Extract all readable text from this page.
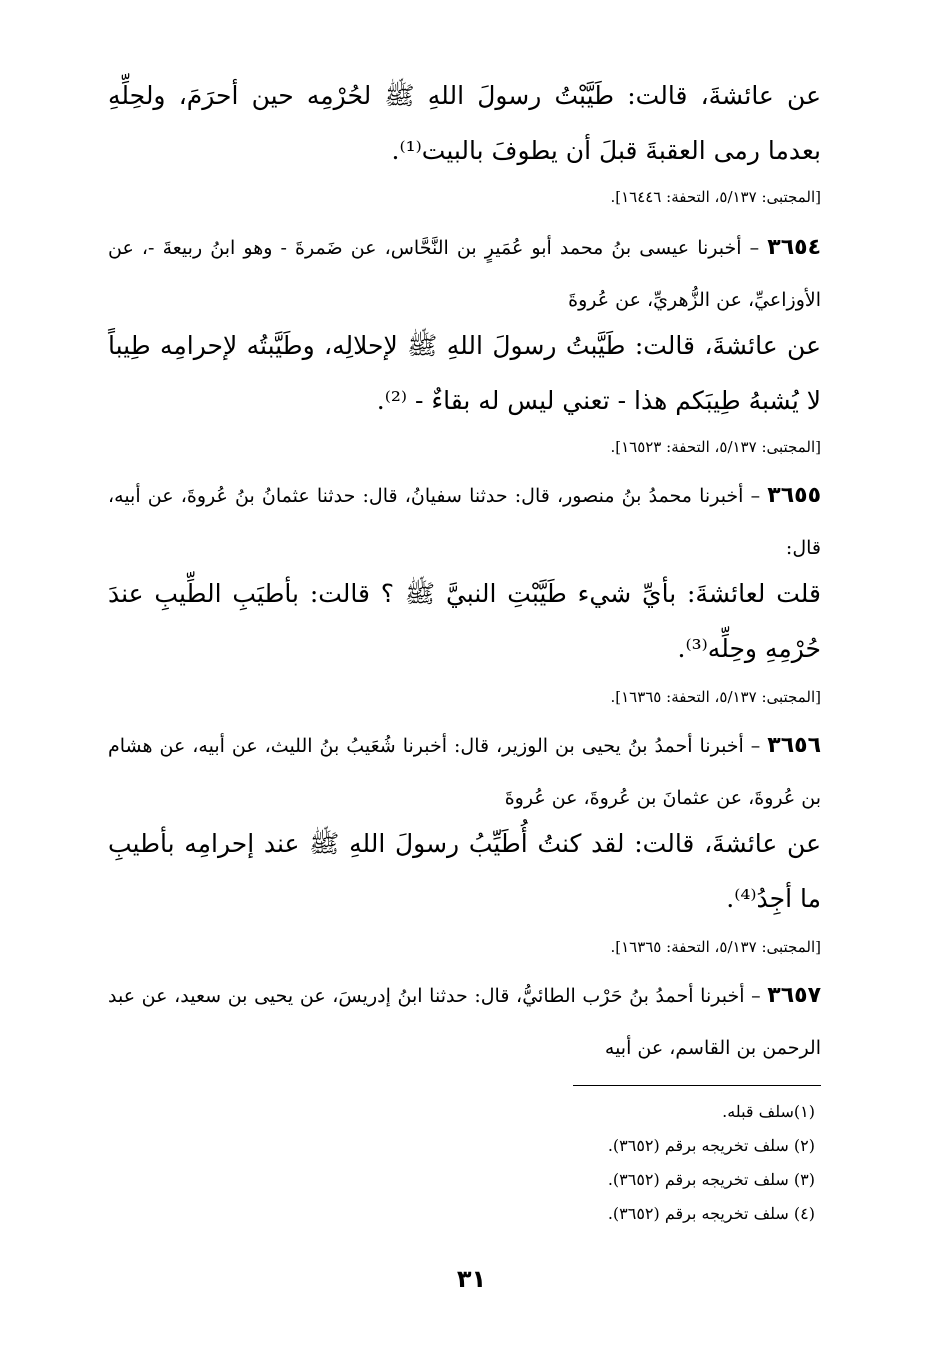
عن عائشةَ، قالت: طَيَّبْتُ رسولَ اللهِ ﷺ لحُرْمِه حين أحرَمَ، ولحِلِّهِ بعدما رمى العقبةَ قبلَ أن يطوفَ بالبيت⁽¹⁾.

[المجتبى: ٥/١٣٧، التحفة: ١٦٤٤٦].

٣٦٥٤ – أخبرنا عيسى بنُ محمد أبو عُمَيرٍ بن النَّحَّاس، عن ضَمرةَ - وهو ابنُ ربيعةَ -، عن الأوزاعيِّ، عن الزُّهريِّ، عن عُروةَ

عن عائشةَ، قالت: طَيَّبتُ رسولَ اللهِ ﷺ لإحلالِه، وطَيَّبتُه لإحرامِه طِيباً لا يُشبهُ طِيبَكم هذا - تعني ليس له بقاءٌ - ⁽²⁾.

[المجتبى: ٥/١٣٧، التحفة: ١٦٥٢٣].

٣٦٥٥ – أخبرنا محمدُ بنُ منصور، قال: حدثنا سفيانُ، قال: حدثنا عثمانُ بنُ عُروةَ، عن أبيه، قال:

قلت لعائشةَ: بأيِّ شيء طَيَّبْتِ النبيَّ ﷺ ؟ قالت: بأطيَبِ الطِّيبِ عندَ حُرْمِهِ وحِلِّه⁽³⁾.

[المجتبى: ٥/١٣٧، التحفة: ١٦٣٦٥].

٣٦٥٦ – أخبرنا أحمدُ بنُ يحيى بن الوزير، قال: أخبرنا شُعَيبُ بنُ الليث، عن أبيه، عن هشام بن عُروةَ، عن عثمانَ بن عُروةَ، عن عُروةَ

عن عائشةَ، قالت: لقد كنتُ أُطَيِّبُ رسولَ اللهِ ﷺ عند إحرامِه بأطيبِ ما أجِدُ⁽⁴⁾.

[المجتبى: ٥/١٣٧، التحفة: ١٦٣٦٥].

٣٦٥٧ – أخبرنا أحمدُ بنُ حَرْب الطائيُّ، قال: حدثنا ابنُ إدريسَ، عن يحيى بن سعيد، عن عبد الرحمن بن القاسم، عن أبيه

(١)سلف قبله.
(٢) سلف تخريجه برقم (٣٦٥٢).
(٣) سلف تخريجه برقم (٣٦٥٢).
(٤) سلف تخريجه برقم (٣٦٥٢).
٣١
